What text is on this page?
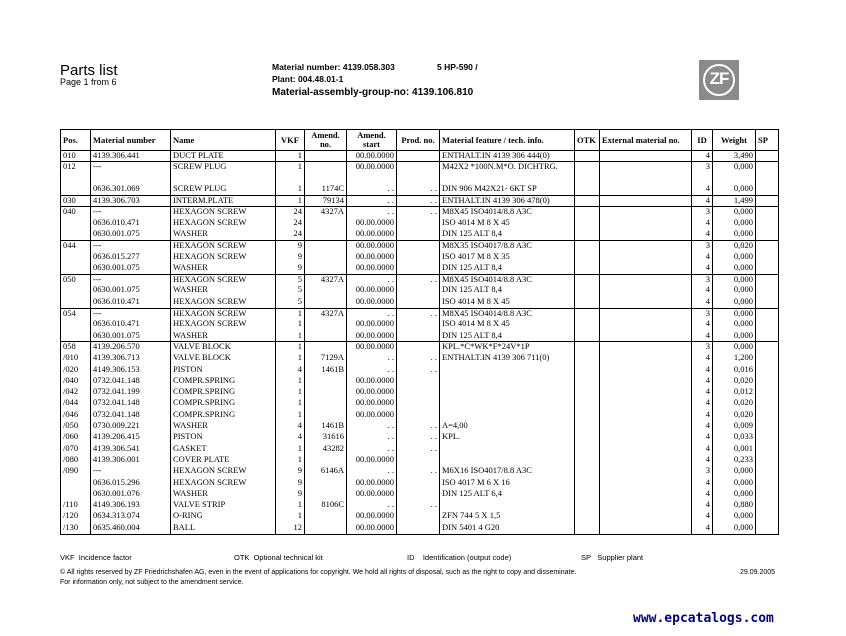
Parts list
Page 1 from 6
Material number: 4139.058.303	5 HP-590 /
Plant: 004.48.01-1
Material-assembly-group-no: 4139.106.810
ZF
Pos.	Material number	Name	VKF	Amend. no.	Amend. start	Prod. no.	Material feature / tech. info.	OTK	External material no.	ID	Weight	SP
010	4139.306.441	DUCT PLATE	1		00.00.0000		ENTHALT.IN 4139 306 444(0)			4	3,490	
012	---	SCREW PLUG	1		00.00.0000		M42X2 *100N.M*O. DICHTRG.			3	0,000	
	0636.301.069	SCREW PLUG	1	1174C	. .	. .	DIN 906 M42X21- 6KT SP			4	0,000	
030	4139.306.703	INTERM.PLATE	1	79134	. .	. .	ENTHALT.IN 4139 306 478(0)			4	1,499	
040	---	HEXAGON SCREW	24	4327A	. .	. .	M8X45 ISO4014/8.8 A3C			3	0,000	
	0636.010.471	HEXAGON SCREW	24		00.00.0000		ISO 4014 M 8 X 45			4	0,000	
	0630.001.075	WASHER	24		00.00.0000		DIN 125 ALT 8,4			4	0,000	
044	---	HEXAGON SCREW	9		00.00.0000		M8X35 ISO4017/8.8 A3C			3	0,020	
	0636.015.277	HEXAGON SCREW	9		00.00.0000		ISO 4017 M 8 X 35			4	0,000	
	0630.001.075	WASHER	9		00.00.0000		DIN 125 ALT 8,4			4	0,000	
050	---	HEXAGON SCREW	5	4327A	. .	. .	M8X45 ISO4014/8.8 A3C			3	0,000	
	0630.001.075	WASHER	5		00.00.0000		DIN 125 ALT 8,4			4	0,000	
	0636.010.471	HEXAGON SCREW	5		00.00.0000		ISO 4014 M 8 X 45			4	0,000	
054	---	HEXAGON SCREW	1	4327A	. .	. .	M8X45 ISO4014/8.8 A3C			3	0,000	
	0636.010.471	HEXAGON SCREW	1		00.00.0000		ISO 4014 M 8 X 45			4	0,000	
	0630.001.075	WASHER	1		00.00.0000		DIN 125 ALT 8,4			4	0,000	
058	4139.206.570	VALVE BLOCK	1		00.00.0000		KPL.*C*WK*F*24V*1P			3	0,000	
/010	4139.306.713	VALVE BLOCK	1	7129A	. .	. .	ENTHALT.IN 4139 306 711(0)			4	1,200	
/020	4149.306.153	PISTON	4	1461B	. .	. .				4	0,016	
/040	0732.041.148	COMPR.SPRING	1		00.00.0000					4	0,020	
/042	0732.041.199	COMPR.SPRING	1		00.00.0000					4	0,012	
/044	0732.041.148	COMPR.SPRING	1		00.00.0000					4	0,020	
/046	0732.041.148	COMPR.SPRING	1		00.00.0000					4	0,020	
/050	0730.009.221	WASHER	4	1461B	. .	. .	A=4,00			4	0,009	
/060	4139.206.415	PISTON	4	31616	. .	. .	KPL.			4	0,033	
/070	4139.306.541	GASKET	1	43282	. .	. .				4	0,001	
/080	4139.306.001	COVER PLATE	1		00.00.0000					4	0,233	
/090	---	HEXAGON SCREW	9	6146A	. .	. .	M6X16 ISO4017/8.8 A3C			3	0,000	
	0636.015.296	HEXAGON SCREW	9		00.00.0000		ISO 4017 M 6 X 16			4	0,000	
	0630.001.076	WASHER	9		00.00.0000		DIN 125 ALT 6,4			4	0,000	
/110	4149.306.193	VALVE STRIP	1	8106C	. .	. .				4	0,880	
/120	0634.313.074	O-RING	1		00.00.0000		ZFN 744 5 X 1,5			4	0,000	
/130	0635.460.004	BALL	12		00.00.0000		DIN 5401 4 G20			4	0,000	
VKF Incidence factor	OTK Optional technical kit	ID Identification (output code)	SP Supplier plant
© All rights reserved by ZF Friedrichshafen AG, even in the event of applications for copyright. We hold all rights of disposal, such as the right to copy and disseminate.
For information only, not subject to the amendment service.
29.09.2005
www.epcatalogs.com
